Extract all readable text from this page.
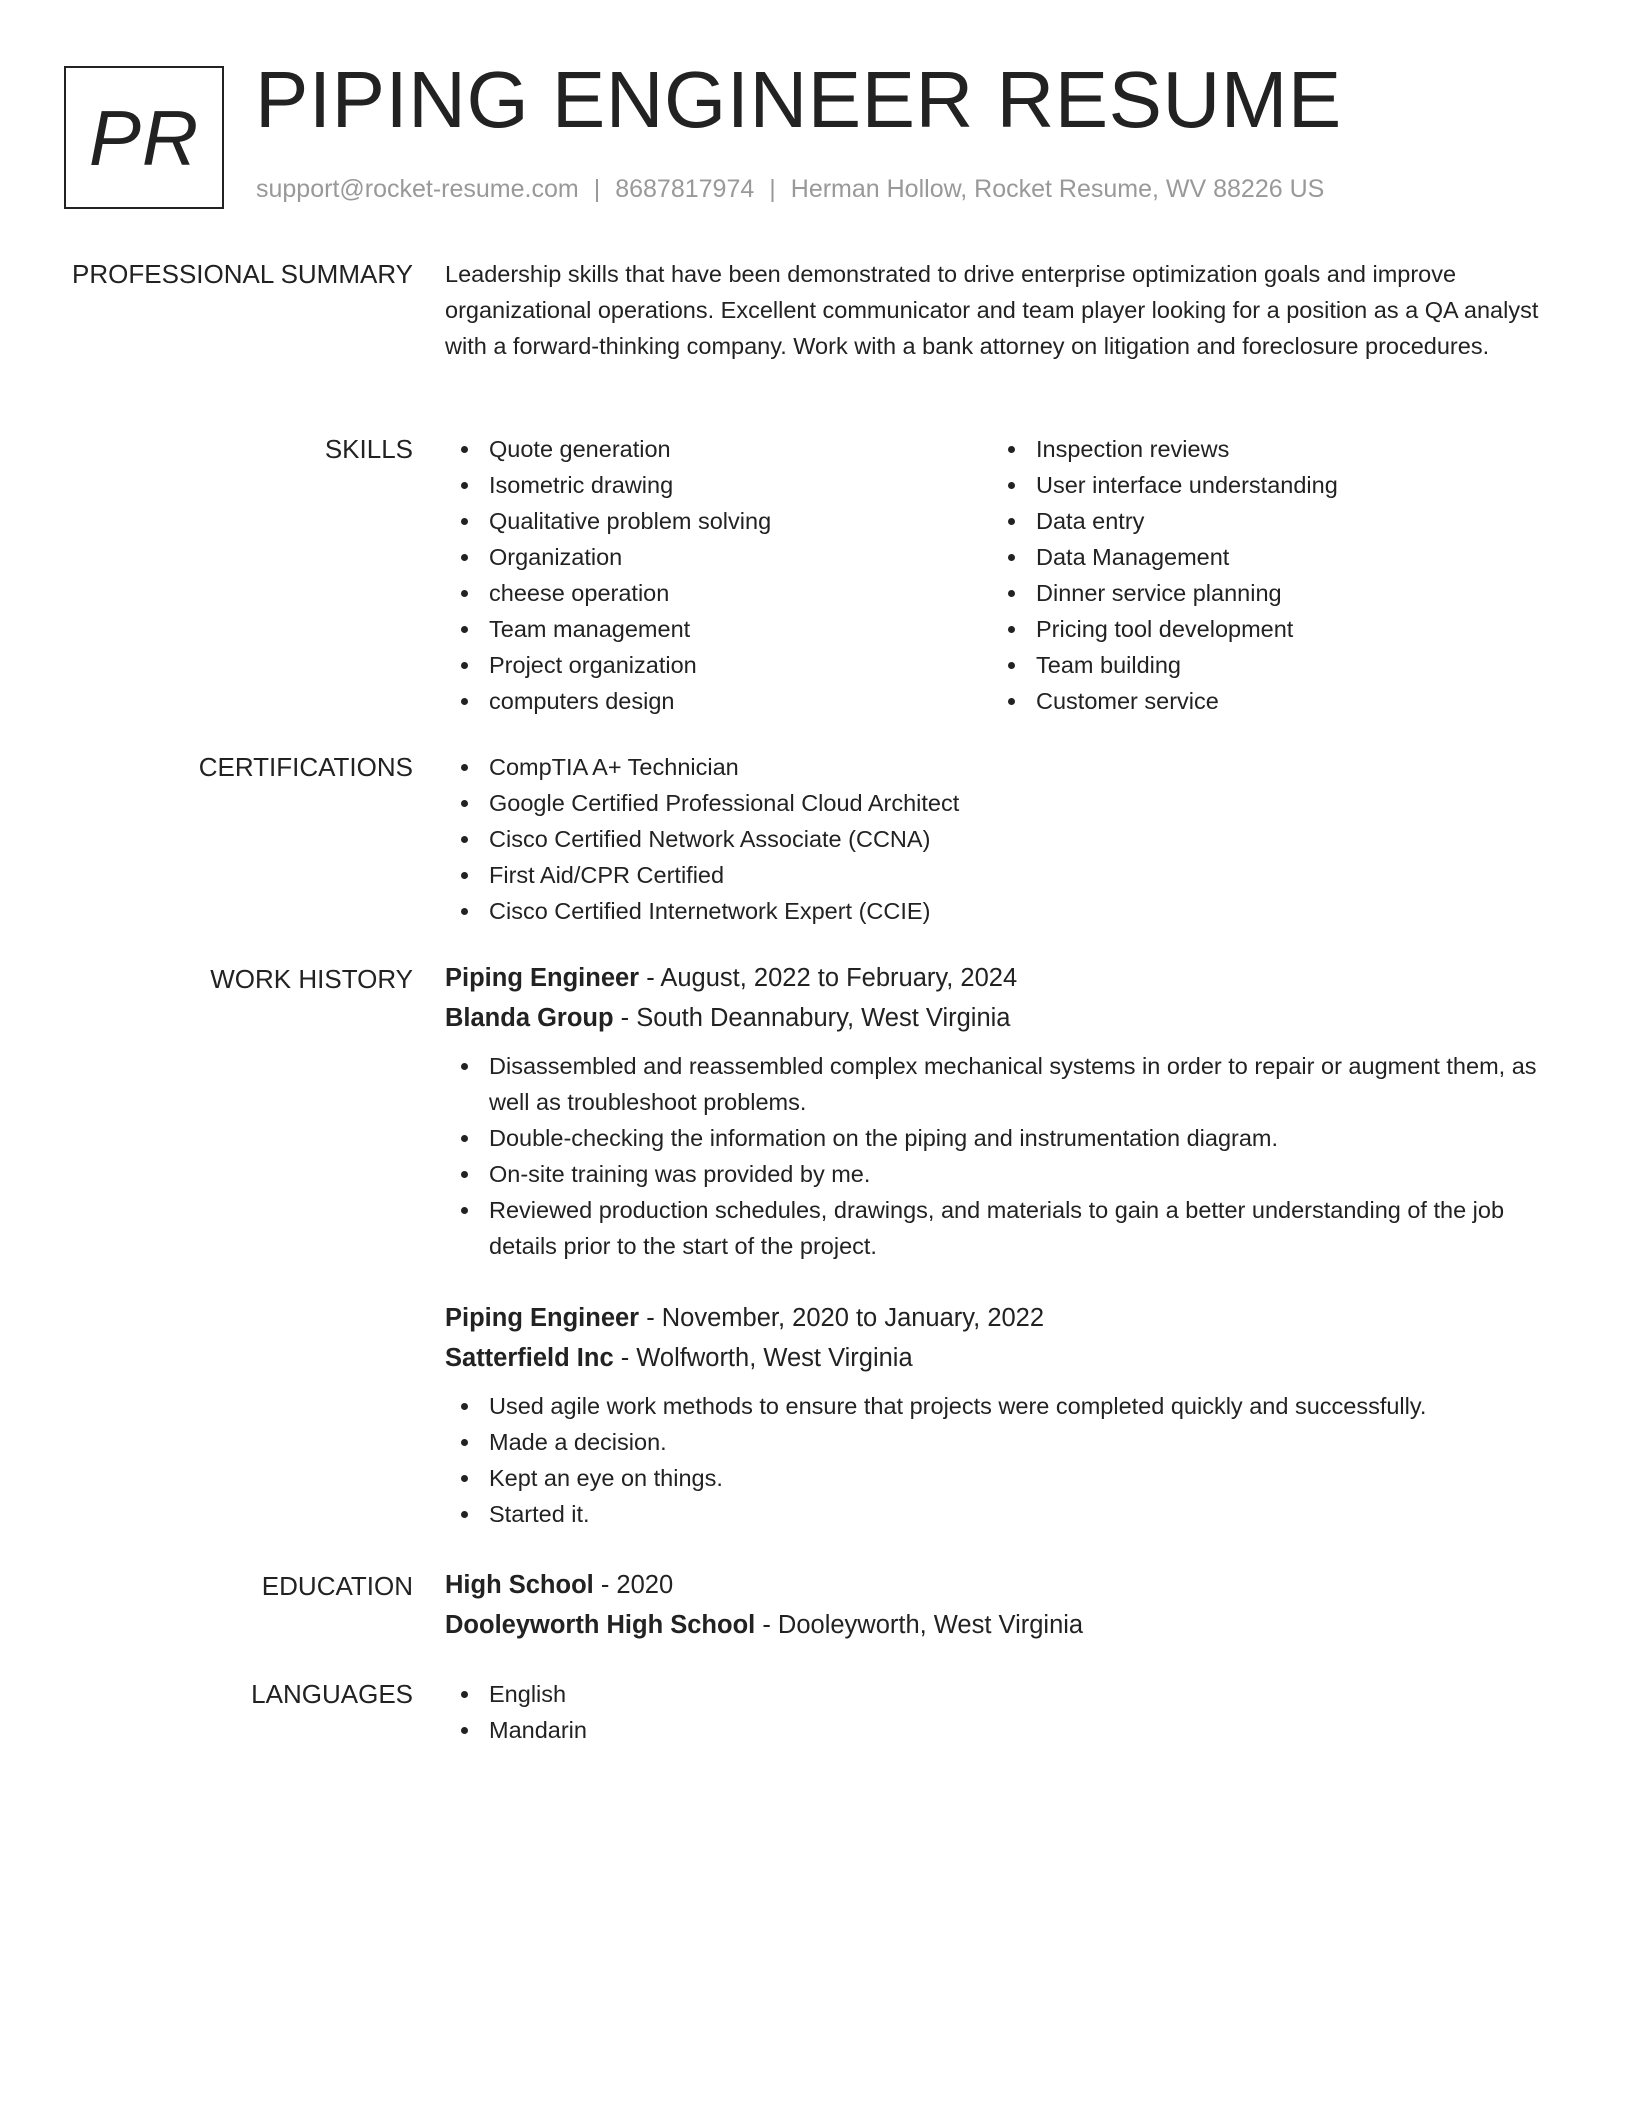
PR PIPING ENGINEER RESUME
support@rocket-resume.com | 8687817974 | Herman Hollow, Rocket Resume, WV 88226 US
PROFESSIONAL SUMMARY Leadership skills that have been demonstrated to drive enterprise optimization goals and improve organizational operations. Excellent communicator and team player looking for a position as a QA analyst with a forward-thinking company. Work with a bank attorney on litigation and foreclosure procedures.
SKILLS	Quote generation
Isometric drawing
Qualitative problem solving
Organization
cheese operation
Team management
Project organization
computers design
Inspection reviews
User interface understanding
Data entry
Data Management
Dinner service planning
Pricing tool development
Team building
Customer service
CERTIFICATIONS	CompTIA A+ Technician
Google Certified Professional Cloud Architect
Cisco Certified Network Associate (CCNA)
First Aid/CPR Certified
Cisco Certified Internetwork Expert (CCIE)
WORK HISTORY Piping Engineer - August, 2022 to February, 2024
Blanda Group - South Deannabury, West Virginia
Disassembled and reassembled complex mechanical systems in order to repair or augment them, as well as troubleshoot problems.
Double-checking the information on the piping and instrumentation diagram.
On-site training was provided by me.
Reviewed production schedules, drawings, and materials to gain a better understanding of the job details prior to the start of the project.
Piping Engineer - November, 2020 to January, 2022
Satterfield Inc - Wolfworth, West Virginia
Used agile work methods to ensure that projects were completed quickly and successfully.
Made a decision.
Kept an eye on things.
Started it.
EDUCATION High School - 2020
Dooleyworth High School - Dooleyworth, West Virginia
LANGUAGES	English
Mandarin
